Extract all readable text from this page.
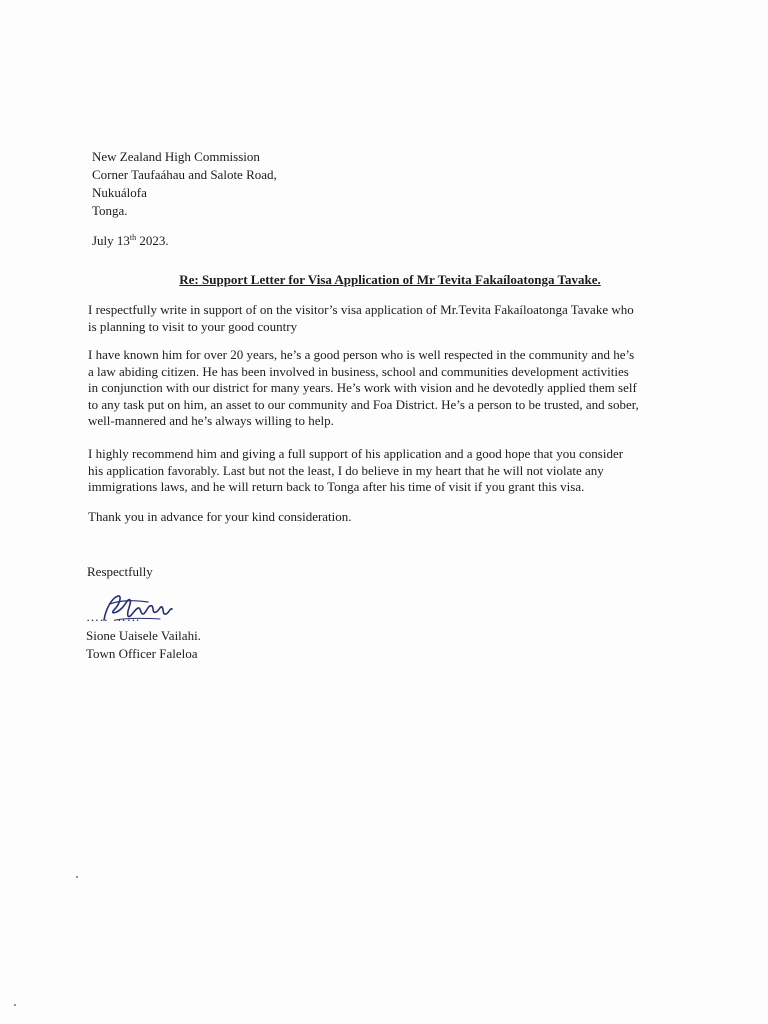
New Zealand High Commission
Corner Taufaáhau and Salote Road,
Nukuálofa
Tonga.
July 13th 2023.
Re: Support Letter for Visa Application of Mr Tevita Fakaíloatonga Tavake.
I respectfully write in support of on the visitor’s visa application of Mr.Tevita Fakaíloatonga Tavake who
is planning to visit to your good country
I have known him for over 20 years, he’s a good person who is well respected in the community and he’s
a law abiding citizen. He has been involved in business, school and communities development activities
in conjunction with our district for many years. He’s work with vision and he devotedly applied them self
to any task put on him, an asset to our community and Foa District. He’s a person to be trusted, and sober,
well-mannered and he’s always willing to help.
I highly recommend him and giving a full support of his application and a good hope that you consider
his application favorably. Last but not the least, I do believe in my heart that he will not violate any
immigrations laws, and he will return back to Tonga after his time of visit if you grant this visa.
Thank you in advance for your kind consideration.
Respectfully
….. ……
Sione Uaisele Vailahi.
Town Officer Faleloa
